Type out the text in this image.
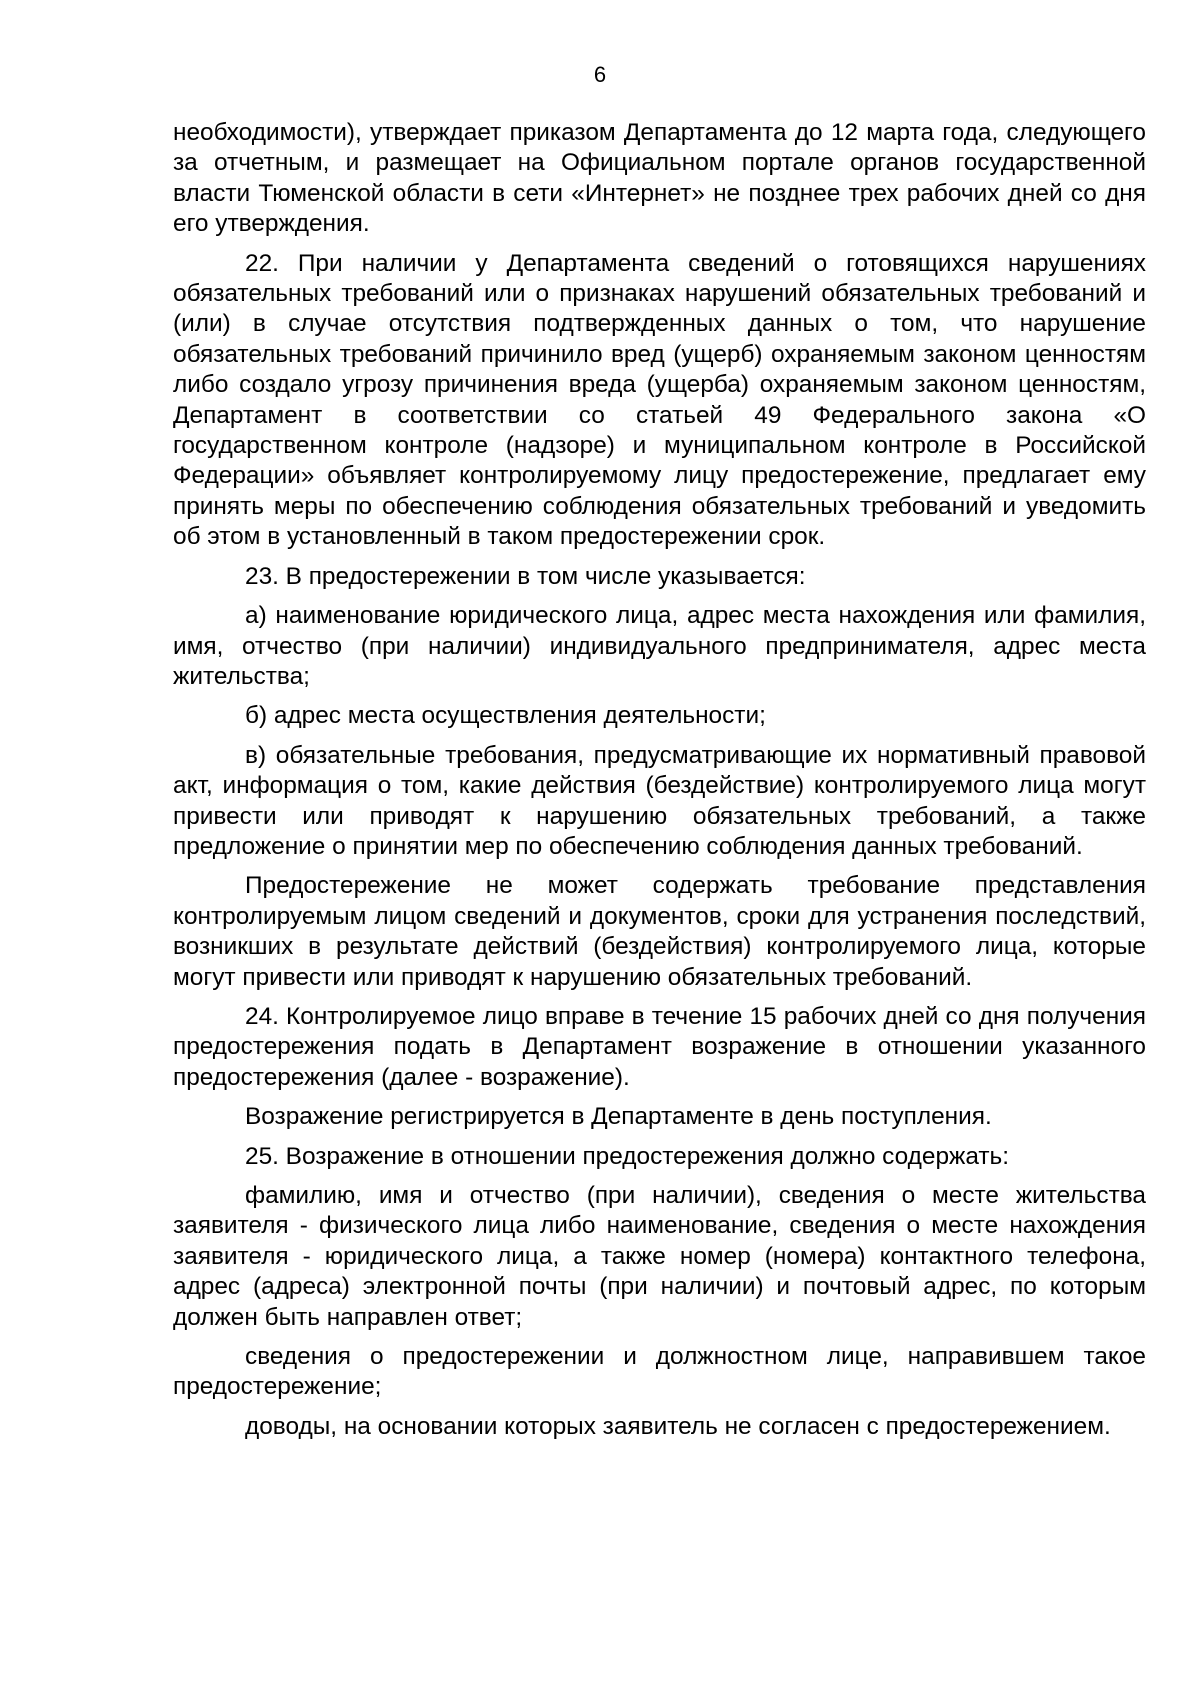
6

необходимости), утверждает приказом Департамента до 12 марта года, следующего за отчетным, и размещает на Официальном портале органов государственной власти Тюменской области в сети «Интернет» не позднее трех рабочих дней со дня его утверждения.

22. При наличии у Департамента сведений о готовящихся нарушениях обязательных требований или о признаках нарушений обязательных требований и (или) в случае отсутствия подтвержденных данных о том, что нарушение обязательных требований причинило вред (ущерб) охраняемым законом ценностям либо создало угрозу причинения вреда (ущерба) охраняемым законом ценностям, Департамент в соответствии со статьей 49 Федерального закона «О государственном контроле (надзоре) и муниципальном контроле в Российской Федерации» объявляет контролируемому лицу предостережение, предлагает ему принять меры по обеспечению соблюдения обязательных требований и уведомить об этом в установленный в таком предостережении срок.

23. В предостережении в том числе указывается:

а) наименование юридического лица, адрес места нахождения или фамилия, имя, отчество (при наличии) индивидуального предпринимателя, адрес места жительства;

б) адрес места осуществления деятельности;

в) обязательные требования, предусматривающие их нормативный правовой акт, информация о том, какие действия (бездействие) контролируемого лица могут привести или приводят к нарушению обязательных требований, а также предложение о принятии мер по обеспечению соблюдения данных требований.

Предостережение не может содержать требование представления контролируемым лицом сведений и документов, сроки для устранения последствий, возникших в результате действий (бездействия) контролируемого лица, которые могут привести или приводят к нарушению обязательных требований.

24. Контролируемое лицо вправе в течение 15 рабочих дней со дня получения предостережения подать в Департамент возражение в отношении указанного предостережения (далее - возражение).

Возражение регистрируется в Департаменте в день поступления.

25. Возражение в отношении предостережения должно содержать:

фамилию, имя и отчество (при наличии), сведения о месте жительства заявителя - физического лица либо наименование, сведения о месте нахождения заявителя - юридического лица, а также номер (номера) контактного телефона, адрес (адреса) электронной почты (при наличии) и почтовый адрес, по которым должен быть направлен ответ;

сведения о предостережении и должностном лице, направившем такое предостережение;

доводы, на основании которых заявитель не согласен с предостережением.
